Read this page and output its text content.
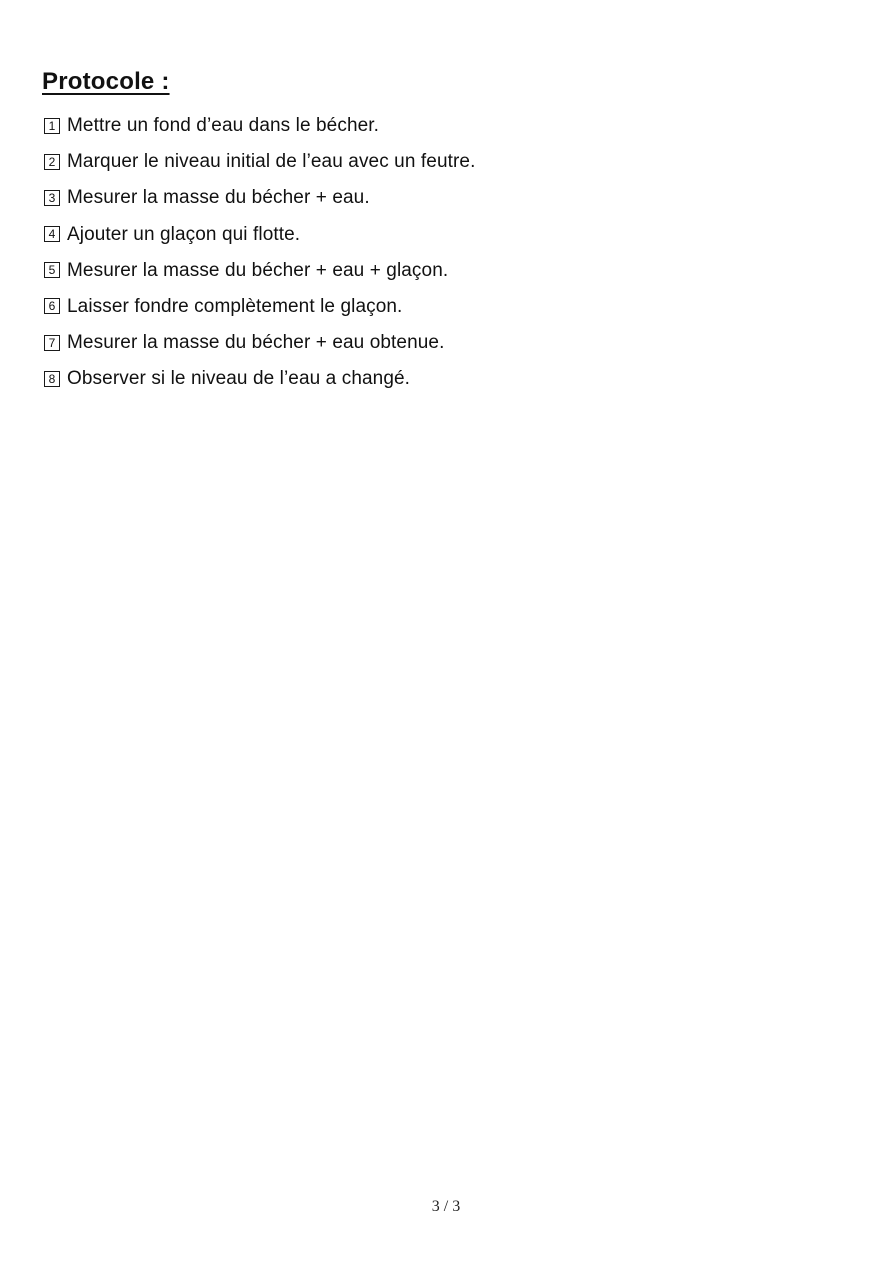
Protocole :
1 Mettre un fond d’eau dans le bécher.
2 Marquer le niveau initial de l’eau avec un feutre.
3 Mesurer la masse du bécher + eau.
4 Ajouter un glaçon qui flotte.
5 Mesurer la masse du bécher + eau + glaçon.
6 Laisser fondre complètement le glaçon.
7 Mesurer la masse du bécher + eau obtenue.
8 Observer si le niveau de l’eau a changé.
3 / 3
